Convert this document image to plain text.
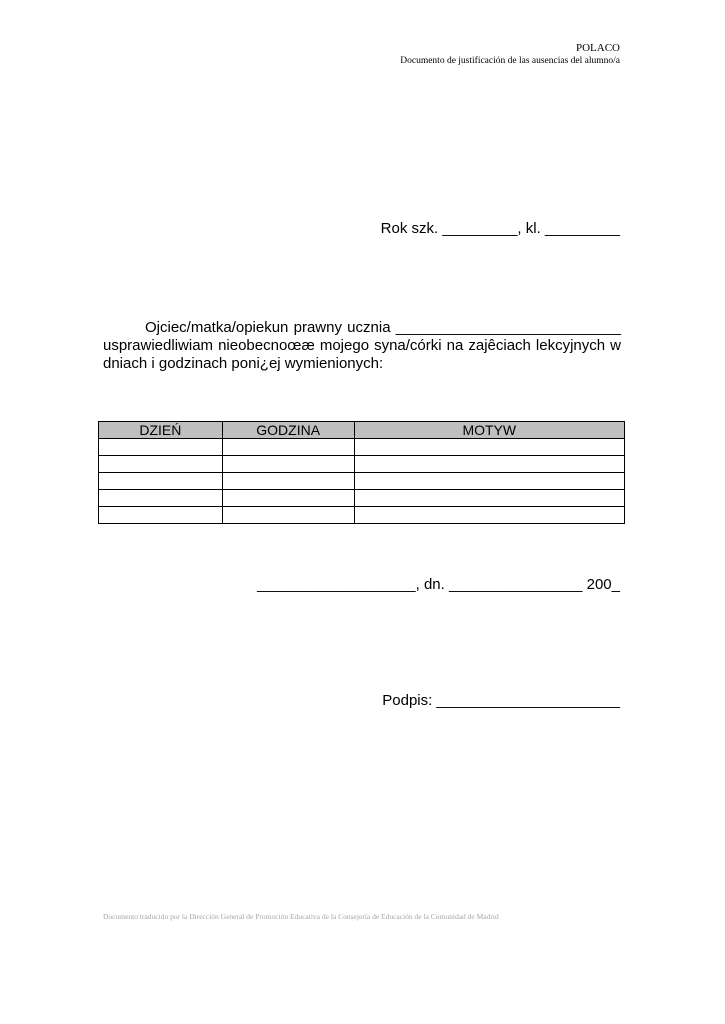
POLACO
Documento de justificación de las ausencias del alumno/a
Rok szk. _________, kl. _________
Ojciec/matka/opiekun prawny ucznia ___________________________
usprawiedliwiam nieobecnoœæ mojego syna/córki na zajêciach lekcyjnych w
dniach i godzinach poni¿ej wymienionych:
DZIEŃ	GODZINA	MOTYW

___________________, dn. ________________ 200_
Podpis: ______________________
Documento traducido por la Dirección General de Promoción Educativa de la Consejería de Educación de la Comunidad de Madrid
